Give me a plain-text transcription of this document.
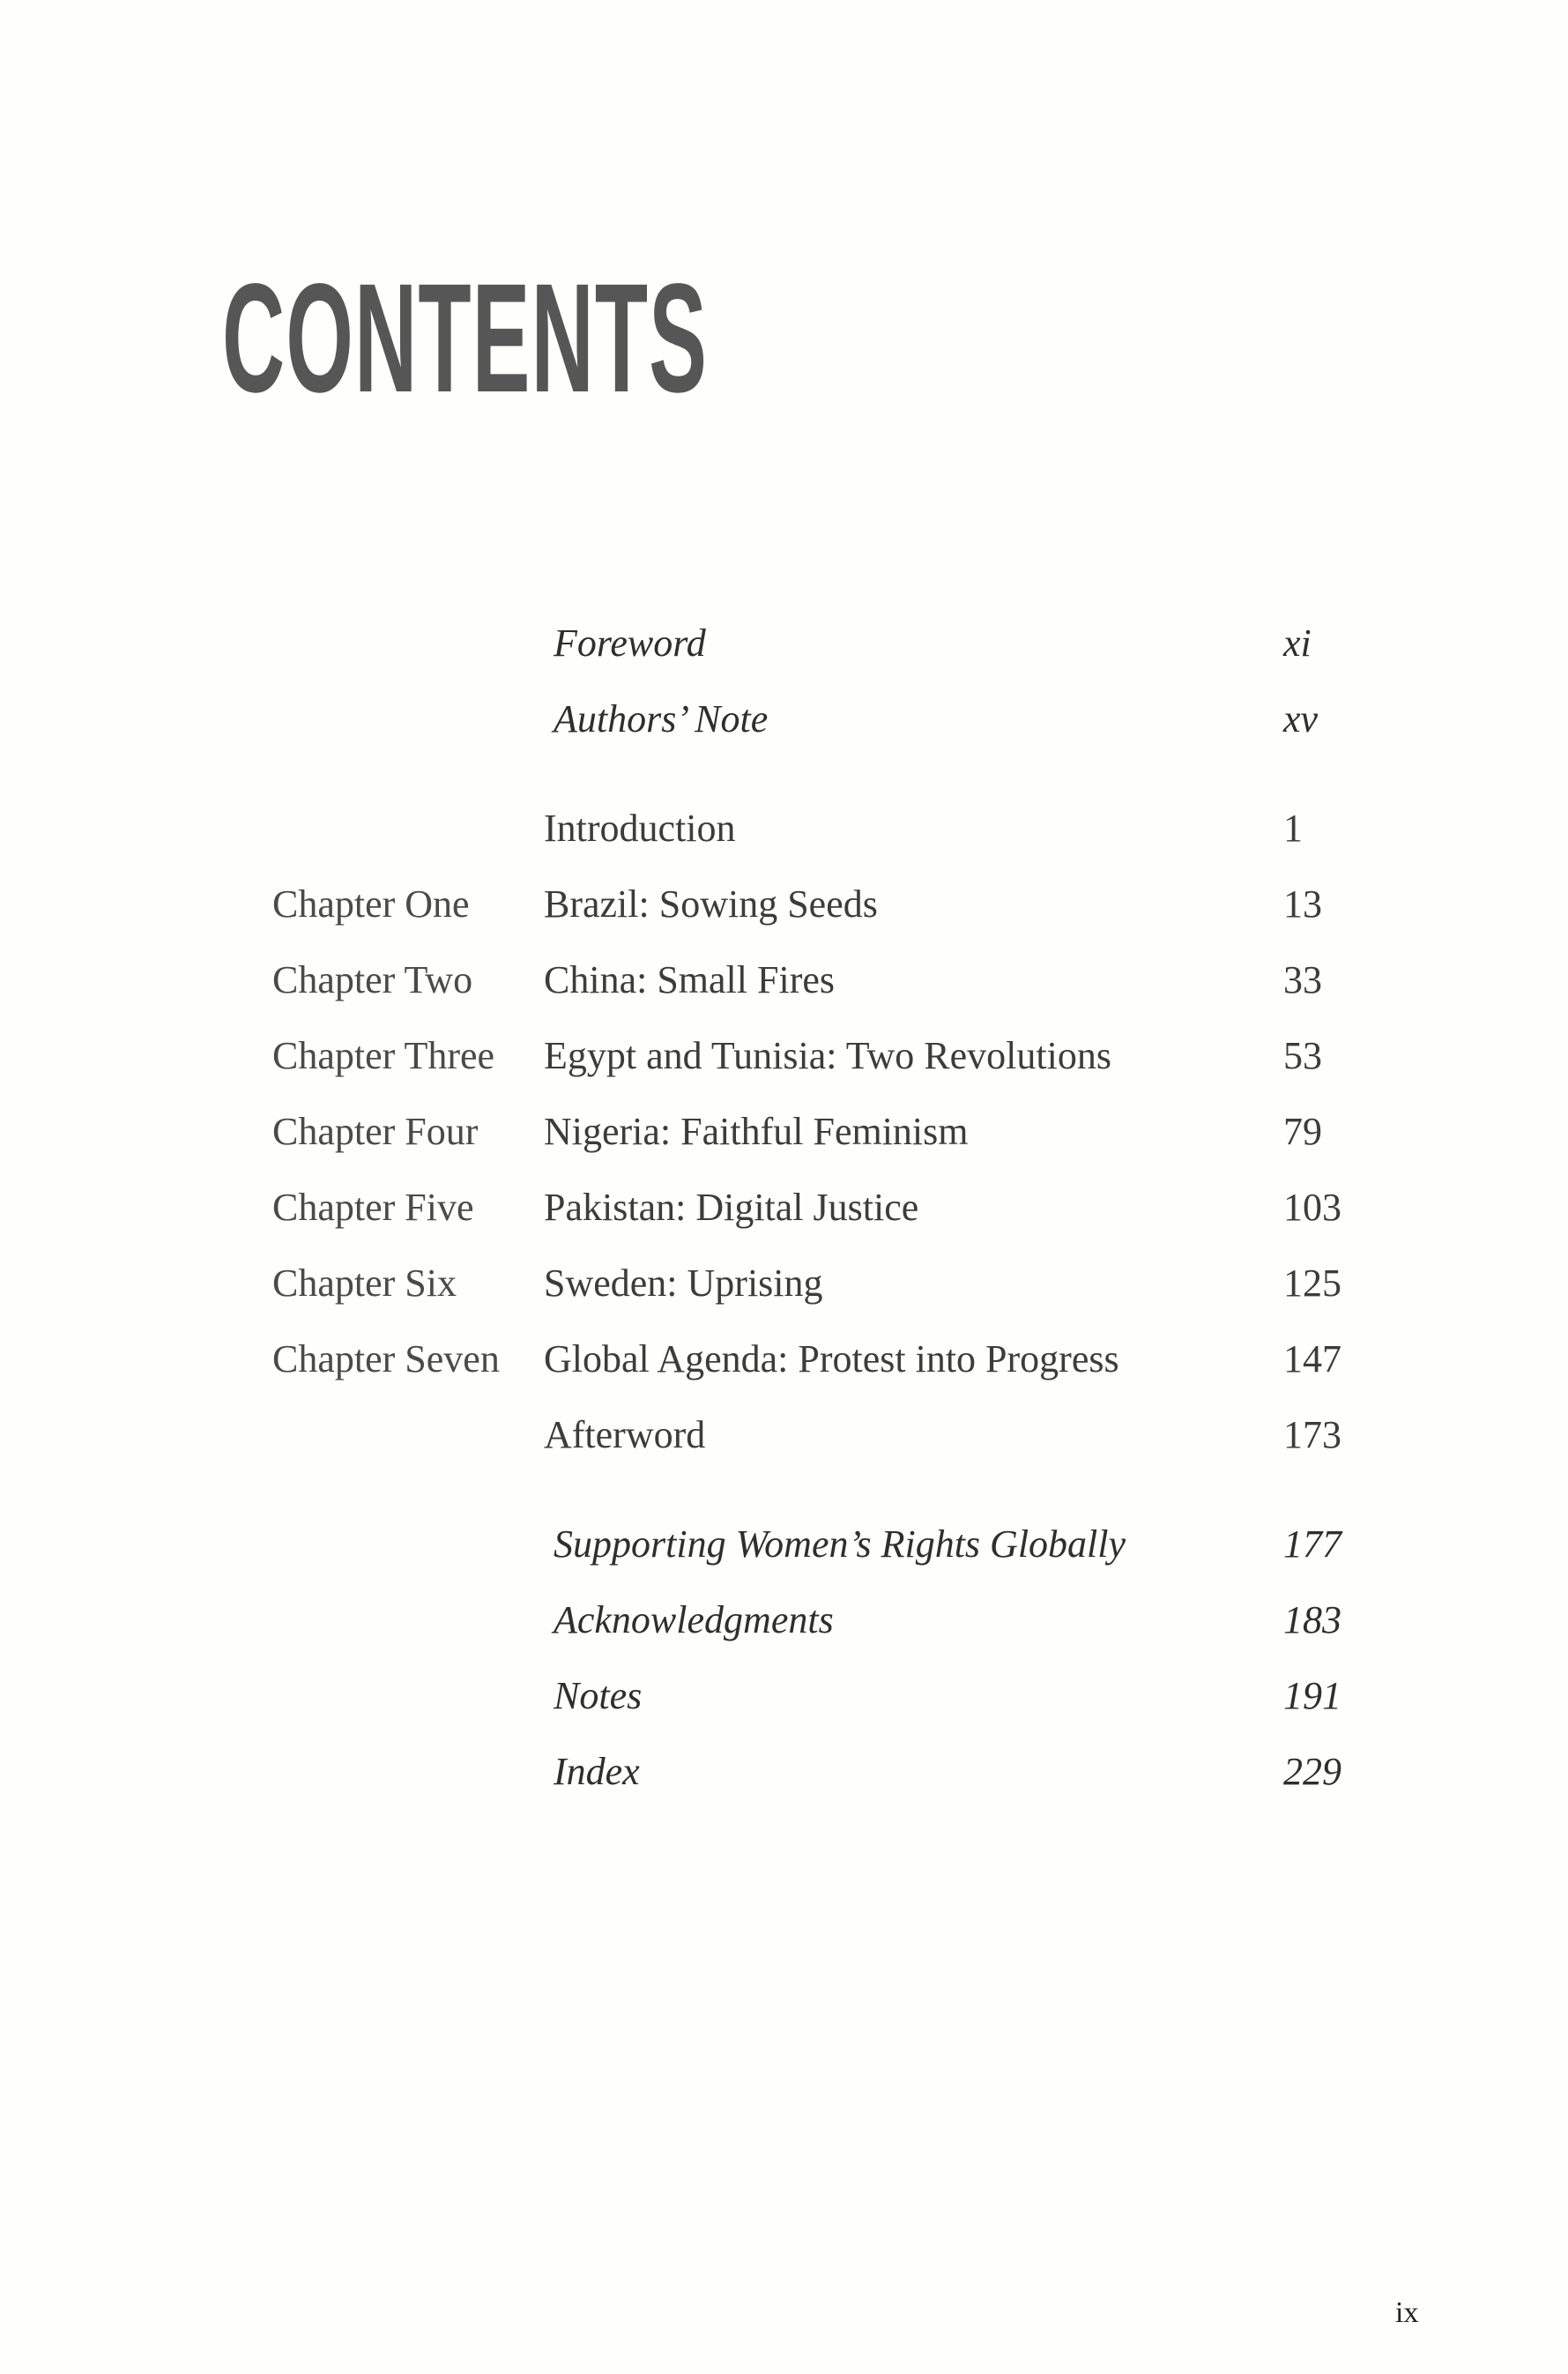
CONTENTS
Foreword	xi
Authors’ Note	xv
Introduction	1
Chapter One Brazil: Sowing Seeds	13
Chapter Two China: Small Fires	33
Chapter Three Egypt and Tunisia: Two Revolutions	53
Chapter Four Nigeria: Faithful Feminism	79
Chapter Five Pakistan: Digital Justice	103
Chapter Six Sweden: Uprising	125
Chapter Seven Global Agenda: Protest into Progress	147
Afterword	173
Supporting Women’s Rights Globally	177
Acknowledgments	183
Notes	191
Index	229
ix
